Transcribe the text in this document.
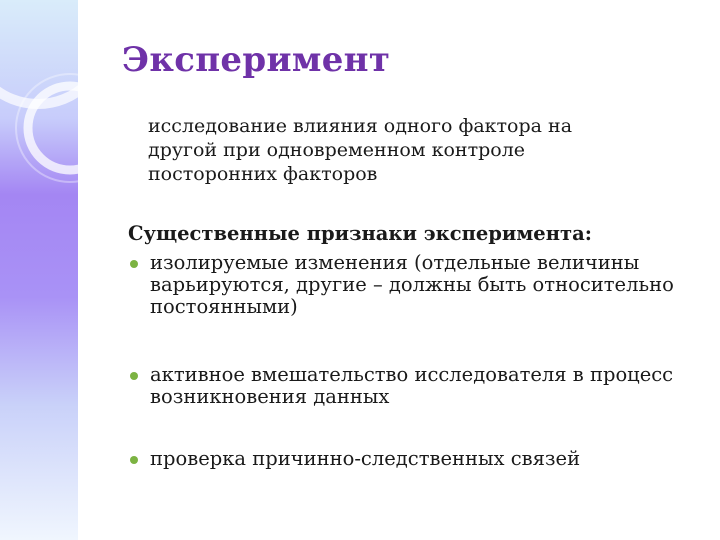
Эксперимент

исследование влияния одного фактора на другой при одновременном контроле посторонних факторов

Существенные признаки эксперимента:

изолируемые изменения (отдельные величины варьируются, другие – должны быть относительно постоянными)
активное вмешательство исследователя в процесс возникновения данных
проверка причинно-следственных связей
